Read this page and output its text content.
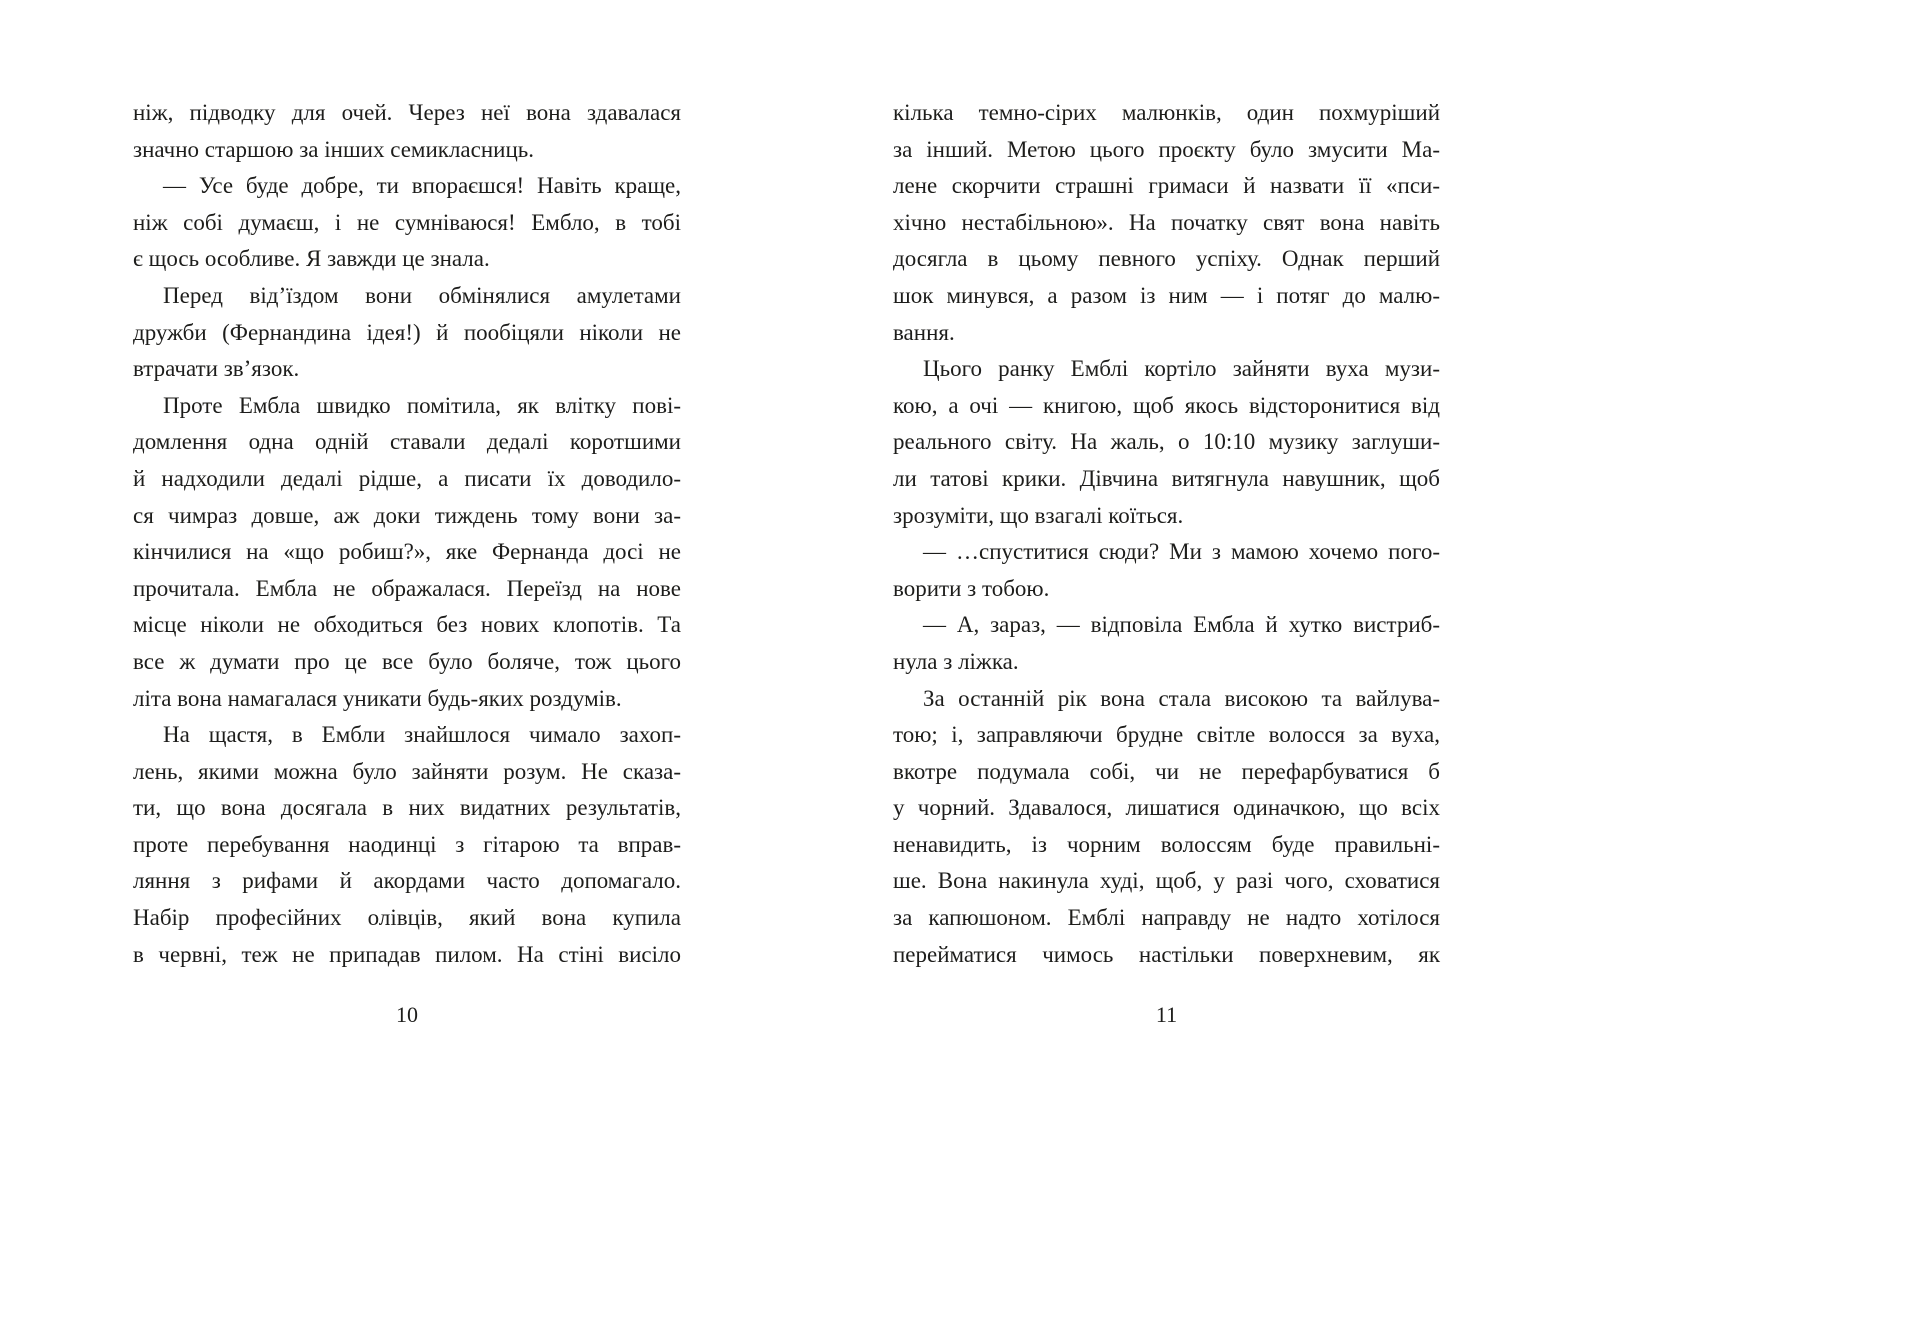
ніж, підводку для очей. Через неї вона здавалася
значно старшою за інших семикласниць.
— Усе буде добре, ти впораєшся! Навіть краще,
ніж собі думаєш, і не сумніваюся! Ембло, в тобі
є щось особливе. Я завжди це знала.
Перед від’їздом вони обмінялися амулетами
дружби (Фернандина ідея!) й пообіцяли ніколи не
втрачати зв’язок.
Проте Ембла швидко помітила, як влітку пові-
домлення одна одній ставали дедалі коротшими
й надходили дедалі рідше, а писати їх доводило-
ся чимраз довше, аж доки тиждень тому вони за-
кінчилися на «що робиш?», яке Фернанда досі не
прочитала. Ембла не ображалася. Переїзд на нове
місце ніколи не обходиться без нових клопотів. Та
все ж думати про це все було боляче, тож цього
літа вона намагалася уникати будь-яких роздумів.
На щастя, в Ембли знайшлося чимало захоп-
лень, якими можна було зайняти розум. Не сказа-
ти, що вона досягала в них видатних результатів,
проте перебування наодинці з гітарою та вправ-
ляння з рифами й акордами часто допомагало.
Набір професійних олівців, який вона купила
в червні, теж не припадав пилом. На стіні висіло
кілька темно-сірих малюнків, один похмуріший
за інший. Метою цього проєкту було змусити Ма-
лене скорчити страшні гримаси й назвати її «пси-
хічно нестабільною». На початку свят вона навіть
досягла в цьому певного успіху. Однак перший
шок минувся, а разом із ним — і потяг до малю-
вання.
Цього ранку Емблі кортіло зайняти вуха музи-
кою, а очі — книгою, щоб якось відсторонитися від
реального світу. На жаль, о 10:10 музику заглуши-
ли татові крики. Дівчина витягнула навушник, щоб
зрозуміти, що взагалі коїться.
— …спуститися сюди? Ми з мамою хочемо пого-
ворити з тобою.
— А, зараз, — відповіла Ембла й хутко вистриб-
нула з ліжка.
За останній рік вона стала високою та вайлува-
тою; і, заправляючи брудне світле волосся за вуха,
вкотре подумала собі, чи не перефарбуватися б
у чорний. Здавалося, лишатися одиначкою, що всіх
ненавидить, із чорним волоссям буде правильні-
ше. Вона накинула худі, щоб, у разі чого, сховатися
за капюшоном. Емблі направду не надто хотілося
перейматися чимось настільки поверхневим, як
10	11
